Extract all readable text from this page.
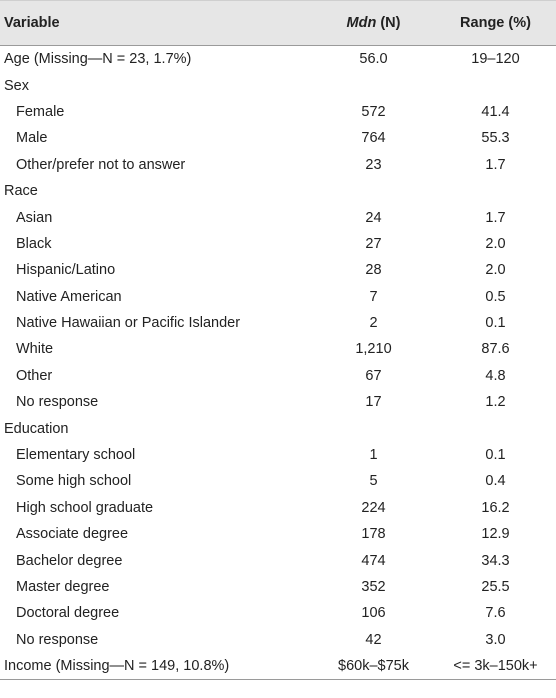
Variable	Mdn (N)	Range (%)
Age (Missing—N = 23, 1.7%)	56.0	19–120
Sex		
Female	572	41.4
Male	764	55.3
Other/prefer not to answer	23	1.7
Race		
Asian	24	1.7
Black	27	2.0
Hispanic/Latino	28	2.0
Native American	7	0.5
Native Hawaiian or Pacific Islander	2	0.1
White	1,210	87.6
Other	67	4.8
No response	17	1.2
Education		
Elementary school	1	0.1
Some high school	5	0.4
High school graduate	224	16.2
Associate degree	178	12.9
Bachelor degree	474	34.3
Master degree	352	25.5
Doctoral degree	106	7.6
No response	42	3.0
Income (Missing—N = 149, 10.8%)	$60k–$75k	<= 3k–150k+
